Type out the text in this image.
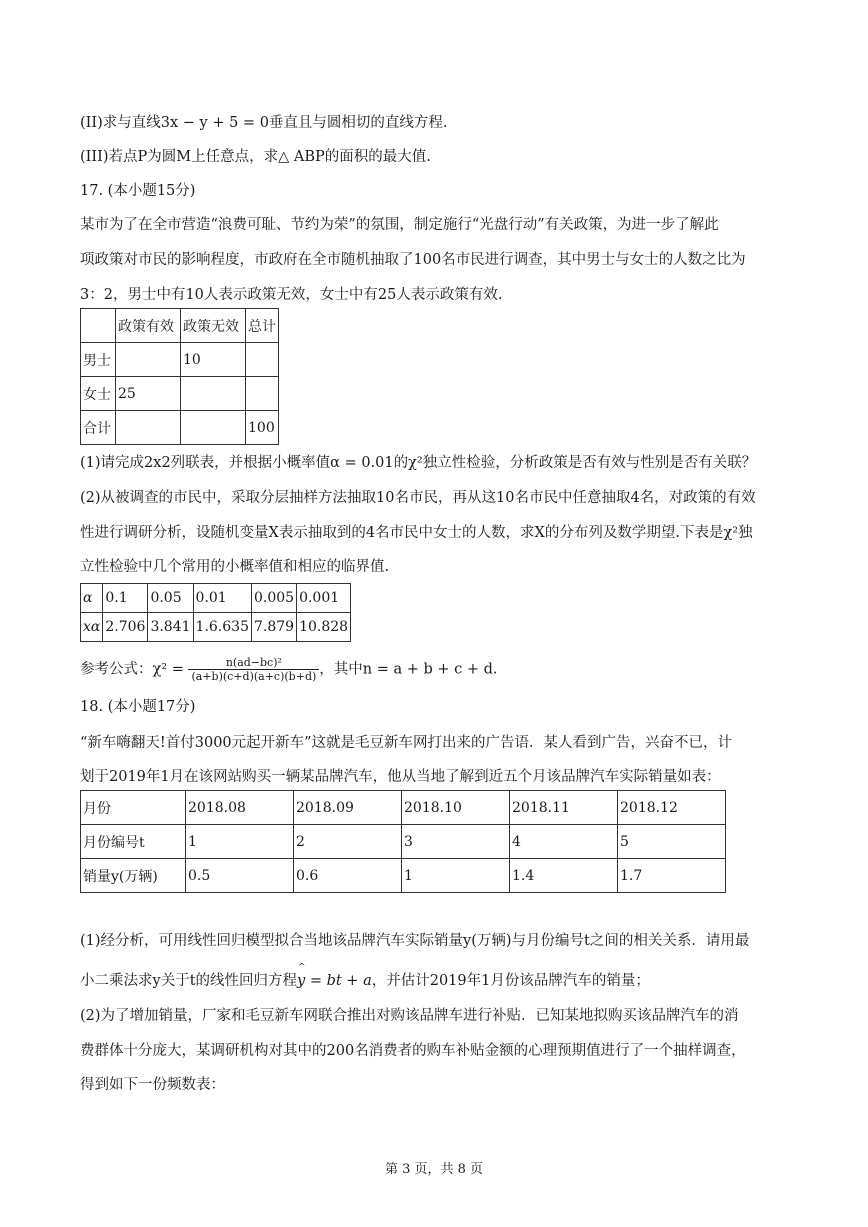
(II)求与直线3x − y + 5 = 0垂直且与圆相切的直线方程.
(III)若点P为圆M上任意点，求△ ABP的面积的最大值.
17. (本小题15分)
某市为了在全市营造“浪费可耻、节约为荣”的氛围，制定施行“光盘行动”有关政策，为进一步了解此
项政策对市民的影响程度，市政府在全市随机抽取了100名市民进行调查，其中男士与女士的人数之比为
3：2，男士中有10人表示政策无效，女士中有25人表示政策有效.
	政策有效	政策无效	总计
男士		10	
女士	25		
合计			100
(1)请完成2x2列联表，并根据小概率值α = 0.01的χ²独立性检验，分析政策是否有效与性别是否有关联？
(2)从被调查的市民中，采取分层抽样方法抽取10名市民，再从这10名市民中任意抽取4名，对政策的有效
性进行调研分析，设随机变量X表示抽取到的4名市民中女士的人数，求X的分布列及数学期望.下表是χ²独
立性检验中几个常用的小概率值和相应的临界值.
α	0.1	0.05	0.01	0.005	0.001
xα	2.706	3.841	1.6.635	7.879	10.828
参考公式：$\chi^2 = \frac{\text{n(ad−bc)²}}{(a+b)(c+d)(a+c)(b+d)}$ ，其中n = a + b + c + d.
18. (本小题17分)
“新车嗨翻天!首付3000元起开新车”这就是毛豆新车网打出来的广告语．某人看到广告，兴奋不已，计
划于2019年1月在该网站购买一辆某品牌汽车，他从当地了解到近五个月该品牌汽车实际销量如表：
月份	2018.08	2018.09	2018.10	2018.11	2018.12
月份编号t	1	2	3	4	5
销量y(万辆)	0.5	0.6	1	1.4	1.7
(1)经分析，可用线性回归模型拟合当地该品牌汽车实际销量y(万辆)与月份编号t之间的相关关系．请用最
小二乘法求y关于t的线性回归方程^ y = bt + a，并估计2019年1月份该品牌汽车的销量；
(2)为了增加销量，厂家和毛豆新车网联合推出对购该品牌车进行补贴．已知某地拟购买该品牌汽车的消
费群体十分庞大，某调研机构对其中的200名消费者的购车补贴金额的心理预期值进行了一个抽样调查，
得到如下一份频数表：
第 3 页，共 8 页
